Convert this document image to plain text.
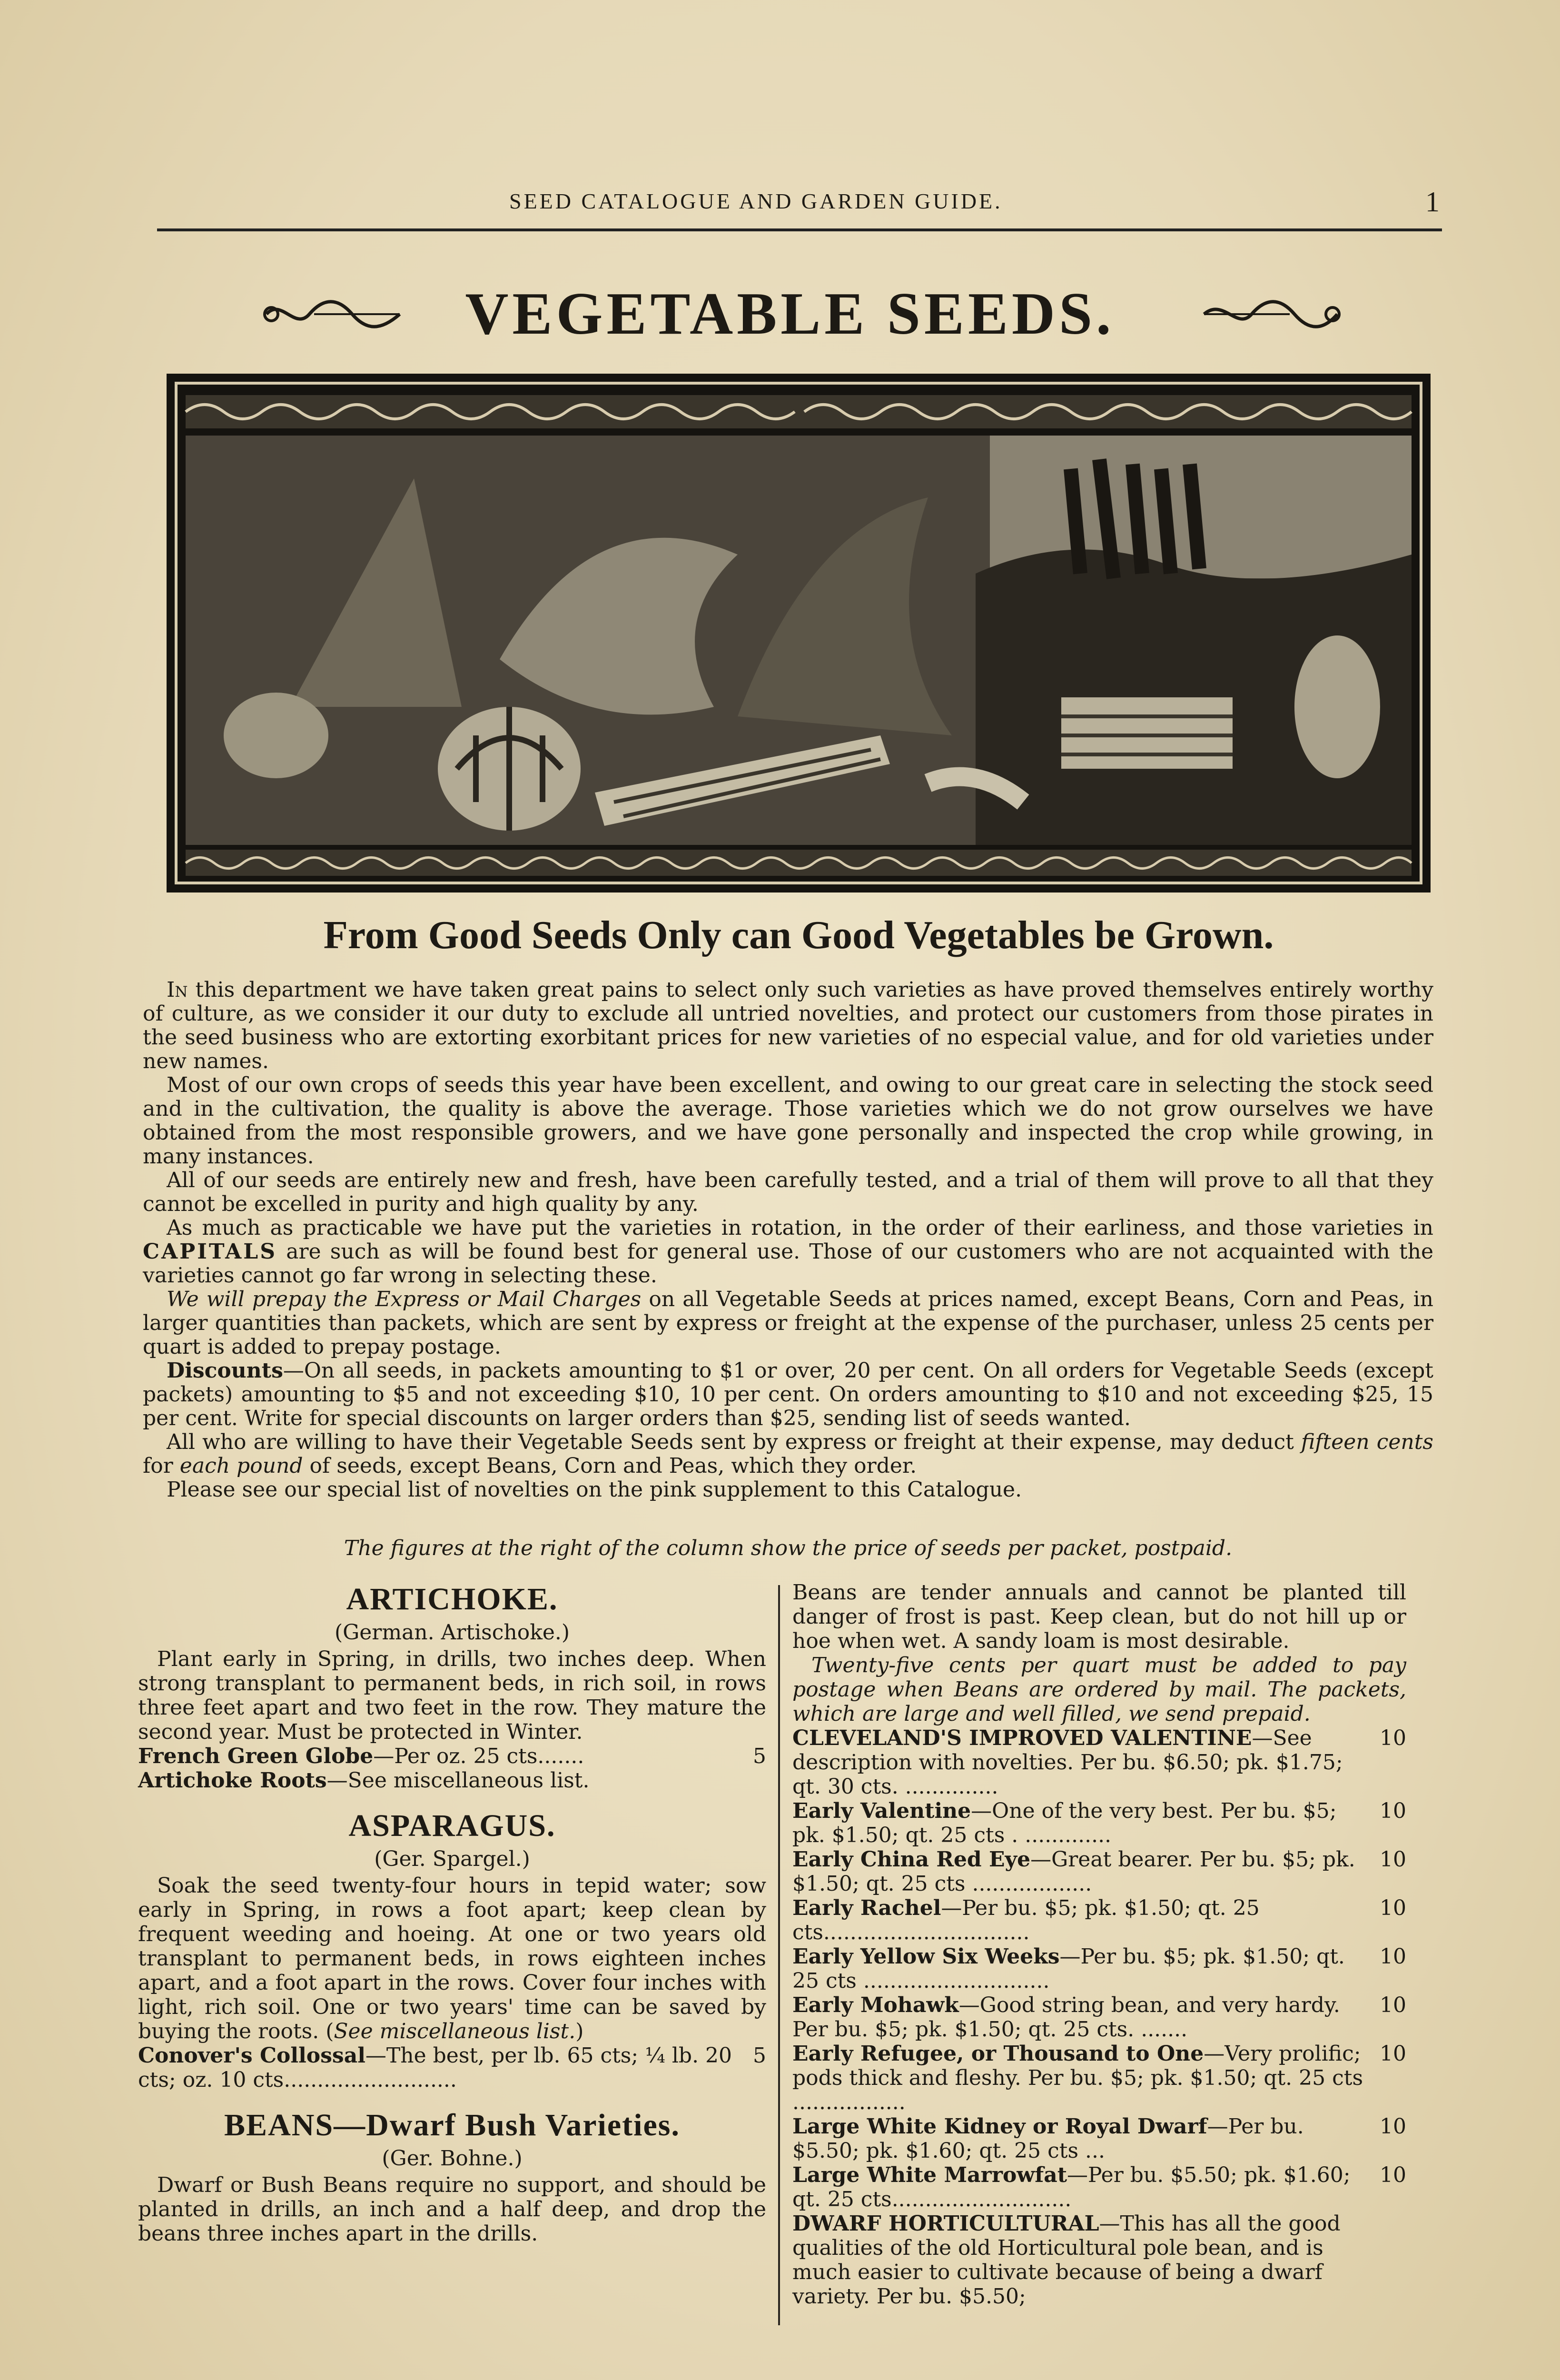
SEED CATALOGUE AND GARDEN GUIDE.	1
VEGETABLE SEEDS.
From Good Seeds Only can Good Vegetables be Grown.

In this department we have taken great pains to select only such varieties as have proved themselves entirely worthy of culture, as we consider it our duty to exclude all untried novelties, and protect our customers from those pirates in the seed business who are extorting exorbitant prices for new varieties of no especial value, and for old varieties under new names.

Most of our own crops of seeds this year have been excellent, and owing to our great care in selecting the stock seed and in the cultivation, the quality is above the average. Those varieties which we do not grow ourselves we have obtained from the most responsible growers, and we have gone personally and inspected the crop while growing, in many instances.

All of our seeds are entirely new and fresh, have been carefully tested, and a trial of them will prove to all that they cannot be excelled in purity and high quality by any.

As much as practicable we have put the varieties in rotation, in the order of their earliness, and those varieties in CAPITALS are such as will be found best for general use. Those of our customers who are not acquainted with the varieties cannot go far wrong in selecting these.

We will prepay the Express or Mail Charges on all Vegetable Seeds at prices named, except Beans, Corn and Peas, in larger quantities than packets, which are sent by express or freight at the expense of the purchaser, unless 25 cents per quart is added to prepay postage.

Discounts—On all seeds, in packets amounting to $1 or over, 20 per cent. On all orders for Vegetable Seeds (except packets) amounting to $5 and not exceeding $10, 10 per cent. On orders amounting to $10 and not exceeding $25, 15 per cent. Write for special discounts on larger orders than $25, sending list of seeds wanted.

All who are willing to have their Vegetable Seeds sent by express or freight at their expense, may deduct fifteen cents for each pound of seeds, except Beans, Corn and Peas, which they order.

Please see our special list of novelties on the pink supplement to this Catalogue.

The figures at the right of the column show the price of seeds per packet, postpaid.
ARTICHOKE.
(German. Artischoke.)

Plant early in Spring, in drills, two inches deep. When strong transplant to permanent beds, in rich soil, in rows three feet apart and two feet in the row. They mature the second year. Must be protected in Winter.

French Green Globe—Per oz. 25 cts.......	5
Artichoke Roots—See miscellaneous list.
ASPARAGUS.
(Ger. Spargel.)

Soak the seed twenty-four hours in tepid water; sow early in Spring, in rows a foot apart; keep clean by frequent weeding and hoeing. At one or two years old transplant to permanent beds, in rows eighteen inches apart, and a foot apart in the rows. Cover four inches with light, rich soil. One or two years' time can be saved by buying the roots. (See miscellaneous list.)

Conover's Collossal—The best, per lb. 65 cts; ¼ lb. 20 cts; oz. 10 cts..........................
5
BEANS—Dwarf Bush Varieties.
(Ger. Bohne.)

Dwarf or Bush Beans require no support, and should be planted in drills, an inch and a half deep, and drop the beans three inches apart in the drills.

Beans are tender annuals and cannot be planted till danger of frost is past. Keep clean, but do not hill up or hoe when wet. A sandy loam is most desirable.

Twenty-five cents per quart must be added to pay postage when Beans are ordered by mail. The packets, which are large and well filled, we send prepaid.

CLEVELAND'S IMPROVED VALENTINE—See description with novelties. Per bu. $6.50; pk. $1.75; qt. 30 cts. ..............
10
Early Valentine—One of the very best. Per bu. $5; pk. $1.50; qt. 25 cts . .............
10
Early China Red Eye—Great bearer. Per bu. $5; pk. $1.50; qt. 25 cts ..................
10
Early Rachel—Per bu. $5; pk. $1.50; qt. 25 cts...............................
10
Early Yellow Six Weeks—Per bu. $5; pk. $1.50; qt. 25 cts ............................
10
Early Mohawk—Good string bean, and very hardy. Per bu. $5; pk. $1.50; qt. 25 cts. .......
10
Early Refugee, or Thousand to One—Very prolific; pods thick and fleshy. Per bu. $5; pk. $1.50; qt. 25 cts .................
10
Large White Kidney or Royal Dwarf—Per bu. $5.50; pk. $1.60; qt. 25 cts ...
10
Large White Marrowfat—Per bu. $5.50; pk. $1.60; qt. 25 cts...........................
10
DWARF HORTICULTURAL—This has all the good qualities of the old Horticultural pole bean, and is much easier to cultivate because of being a dwarf variety. Per bu. $5.50;
